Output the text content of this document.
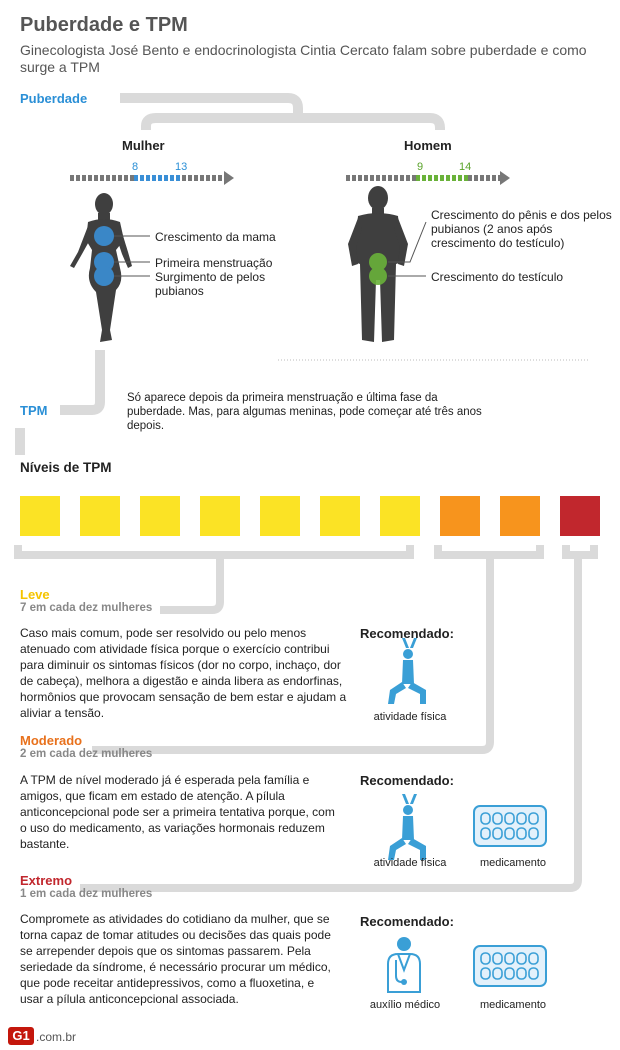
Puberdade e TPM
Ginecologista José Bento e endocrinologista Cintia Cercato falam sobre puberdade e como surge a TPM
Puberdade
Mulher	Homem
8	13	9	14
Crescimento da mama
Primeira menstruação
Surgimento de pelos pubianos
Crescimento do pênis e dos pelos pubianos (2 anos após crescimento do testículo)
Crescimento do testículo
TPM
Só aparece depois da primeira menstruação e última fase da puberdade. Mas, para algumas meninas, pode começar até três anos depois.
Níveis de TPM
Leve
7 em cada dez mulheres
Caso mais comum, pode ser resolvido ou pelo menos atenuado com atividade física porque o exercício contribui para diminuir os sintomas físicos (dor no corpo, inchaço, dor de cabeça), melhora a digestão e ainda libera as endorfinas, hormônios que provocam sensação de bem estar e ajudam a aliviar a tensão.
Recomendado:
atividade física
Moderado
2 em cada dez mulheres
A TPM de nível moderado já é esperada pela família e amigos, que ficam em estado de atenção. A pílula anticoncepcional pode ser a primeira tentativa porque, com o uso do medicamento, as variações hormonais reduzem bastante.
Recomendado:
atividade física	medicamento
Extremo
1 em cada dez mulheres
Compromete as atividades do cotidiano da mulher, que se torna capaz de tomar atitudes ou decisões das quais pode se arrepender depois que os sintomas passarem. Pela seriedade da síndrome, é necessário procurar um médico, que pode receitar antidepressivos, como a fluoxetina, e usar a pílula anticoncepcional associada.
Recomendado:
auxílio médico	medicamento
G1 .com.br
